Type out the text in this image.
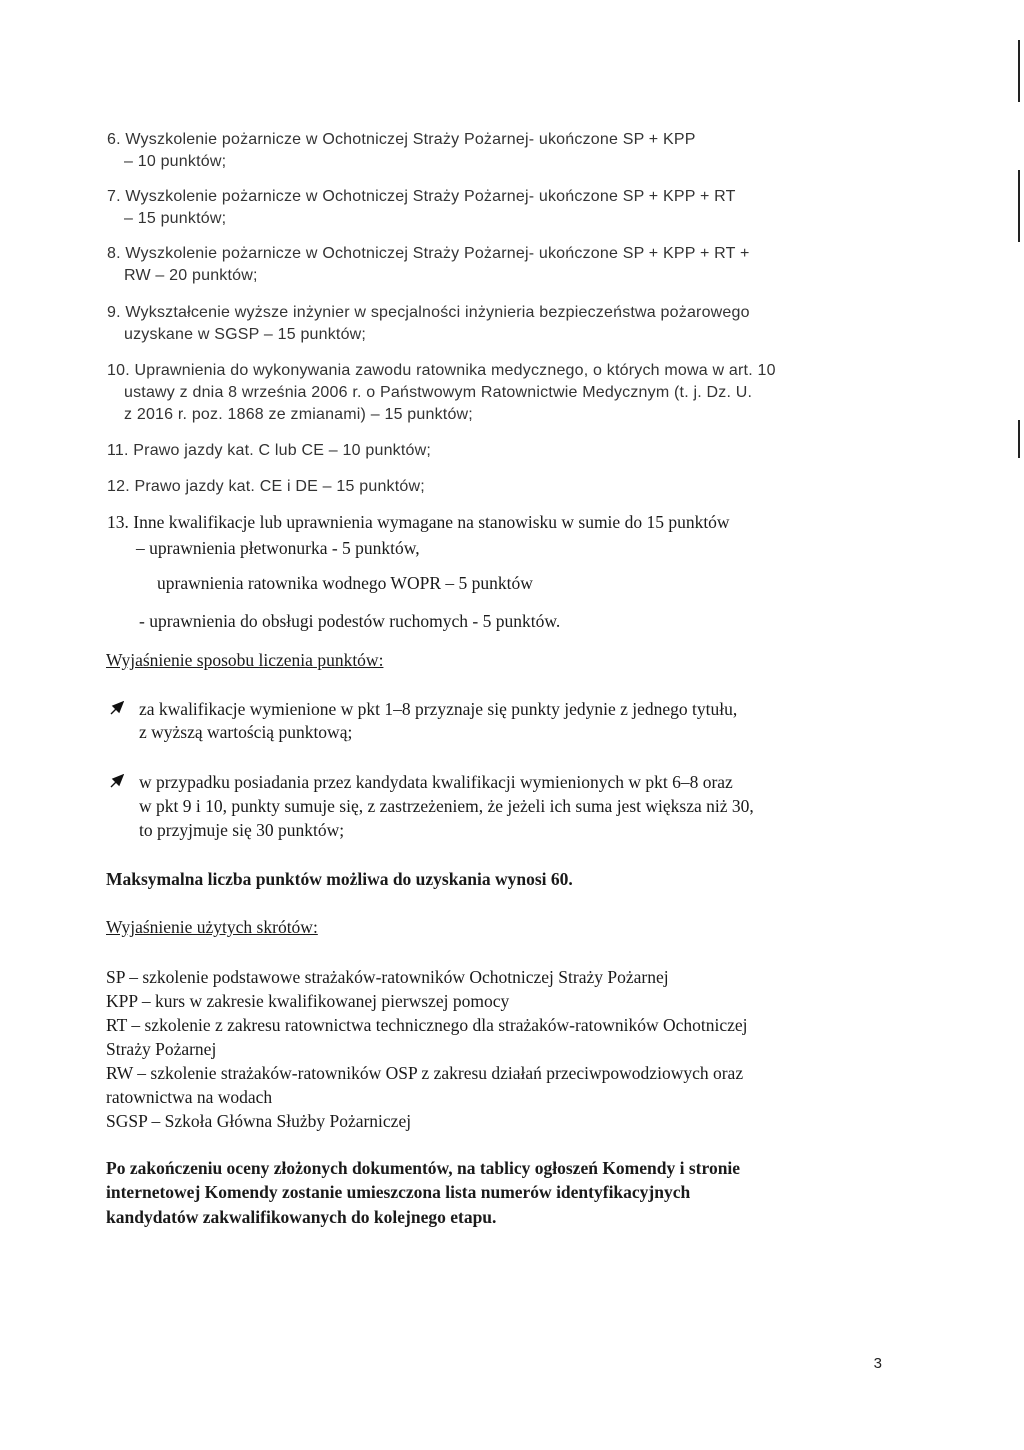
6. Wyszkolenie pożarnicze w Ochotniczej Straży Pożarnej- ukończone SP + KPP
– 10 punktów;
7. Wyszkolenie pożarnicze w Ochotniczej Straży Pożarnej- ukończone SP + KPP + RT
– 15 punktów;
8. Wyszkolenie pożarnicze w Ochotniczej Straży Pożarnej- ukończone SP + KPP + RT +
RW – 20 punktów;
9. Wykształcenie wyższe inżynier w specjalności inżynieria bezpieczeństwa pożarowego
uzyskane w SGSP – 15 punktów;
10. Uprawnienia do wykonywania zawodu ratownika medycznego, o których mowa w art. 10
ustawy z dnia 8 września 2006 r. o Państwowym Ratownictwie Medycznym (t. j. Dz. U.
z 2016 r. poz. 1868 ze zmianami) – 15 punktów;
11. Prawo jazdy kat. C lub CE – 10 punktów;
12. Prawo jazdy kat. CE i DE – 15 punktów;
13. Inne kwalifikacje lub uprawnienia wymagane na stanowisku w sumie do 15 punktów
– uprawnienia płetwonurka - 5 punktów,
uprawnienia ratownika wodnego WOPR – 5 punktów
- uprawnienia do obsługi podestów ruchomych - 5 punktów.
Wyjaśnienie sposobu liczenia punktów:
za kwalifikacje wymienione w pkt 1–8 przyznaje się punkty jedynie z jednego tytułu,
z wyższą wartością punktową;
w przypadku posiadania przez kandydata kwalifikacji wymienionych w pkt 6–8 oraz
w pkt 9 i 10, punkty sumuje się, z zastrzeżeniem, że jeżeli ich suma jest większa niż 30,
to przyjmuje się 30 punktów;
Maksymalna liczba punktów możliwa do uzyskania wynosi 60.
Wyjaśnienie użytych skrótów:
SP – szkolenie podstawowe strażaków-ratowników Ochotniczej Straży Pożarnej
KPP – kurs w zakresie kwalifikowanej pierwszej pomocy
RT – szkolenie z zakresu ratownictwa technicznego dla strażaków-ratowników Ochotniczej
Straży Pożarnej
RW – szkolenie strażaków-ratowników OSP z zakresu działań przeciwpowodziowych oraz
ratownictwa na wodach
SGSP – Szkoła Główna Służby Pożarniczej
Po zakończeniu oceny złożonych dokumentów, na tablicy ogłoszeń Komendy i stronie
internetowej Komendy zostanie umieszczona lista numerów identyfikacyjnych
kandydatów zakwalifikowanych do kolejnego etapu.
3
